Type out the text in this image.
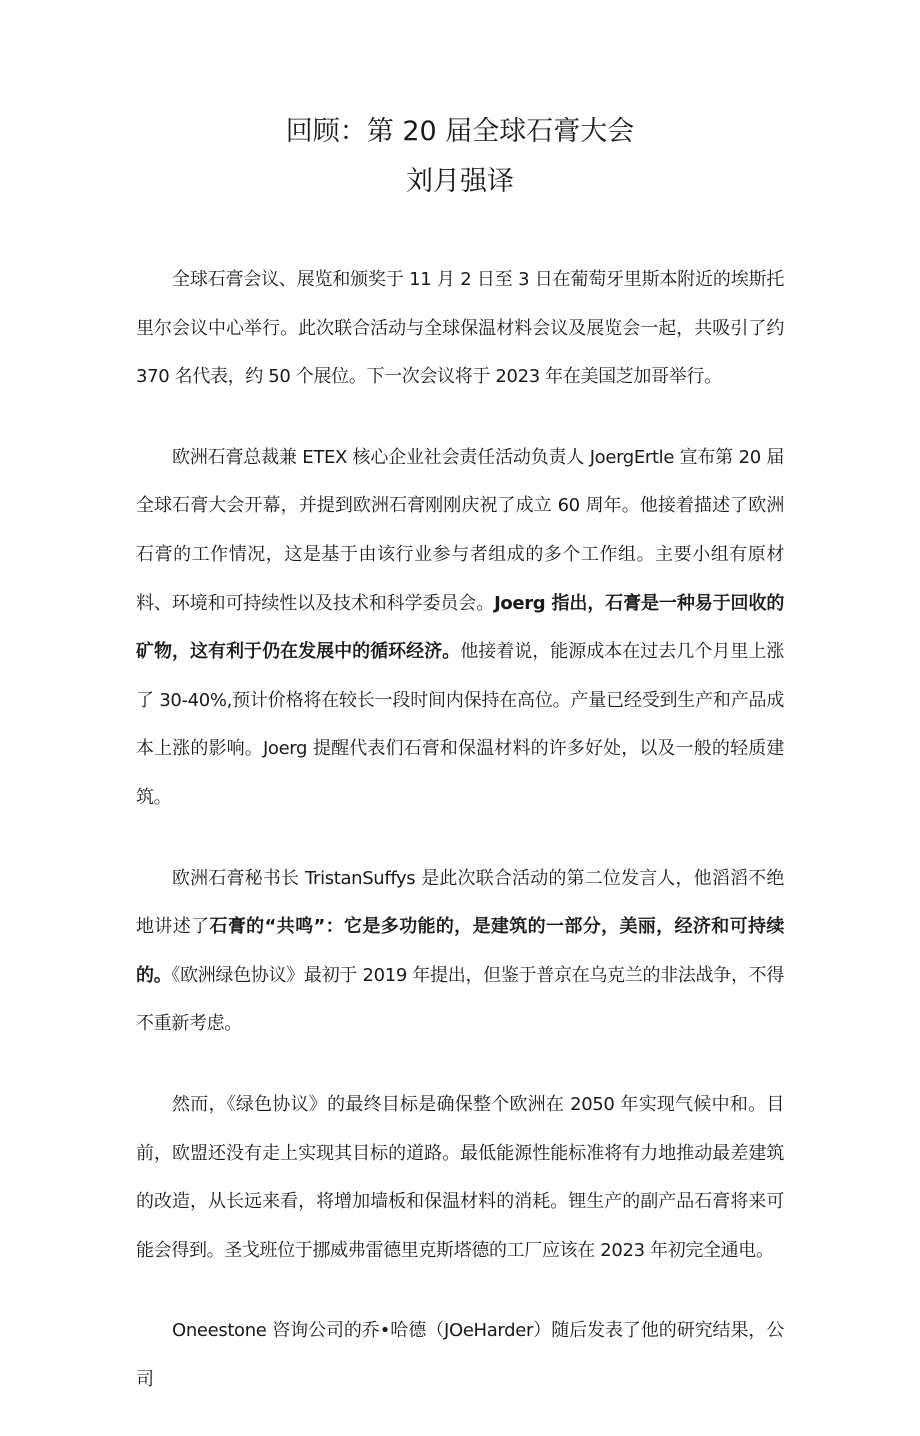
回顾：第 20 届全球石膏大会
刘月强译

全球石膏会议、展览和颁奖于 11 月 2 日至 3 日在葡萄牙里斯本附近的埃斯托里尔会议中心举行。此次联合活动与全球保温材料会议及展览会一起，共吸引了约 370 名代表，约 50 个展位。下一次会议将于 2023 年在美国芝加哥举行。

欧洲石膏总裁兼 ETEX 核心企业社会责任活动负责人 JoergErtle 宣布第 20 届全球石膏大会开幕，并提到欧洲石膏刚刚庆祝了成立 60 周年。他接着描述了欧洲石膏的工作情况，这是基于由该行业参与者组成的多个工作组。主要小组有原材料、环境和可持续性以及技术和科学委员会。Joerg 指出，石膏是一种易于回收的矿物，这有利于仍在发展中的循环经济。他接着说，能源成本在过去几个月里上涨了 30-40%,预计价格将在较长一段时间内保持在高位。产量已经受到生产和产品成本上涨的影响。Joerg 提醒代表们石膏和保温材料的许多好处，以及一般的轻质建筑。

欧洲石膏秘书长 TristanSuffys 是此次联合活动的第二位发言人，他滔滔不绝地讲述了石膏的“共鸣”：它是多功能的，是建筑的一部分，美丽，经济和可持续的。《欧洲绿色协议》最初于 2019 年提出，但鉴于普京在乌克兰的非法战争，不得不重新考虑。

然而，《绿色协议》的最终目标是确保整个欧洲在 2050 年实现气候中和。目前，欧盟还没有走上实现其目标的道路。最低能源性能标准将有力地推动最差建筑的改造，从长远来看，将增加墙板和保温材料的消耗。锂生产的副产品石膏将来可能会得到。圣戈班位于挪威弗雷德里克斯塔德的工厂应该在 2023 年初完全通电。

Oneestone 咨询公司的乔•哈德（JOeHarder）随后发表了他的研究结果，公司
